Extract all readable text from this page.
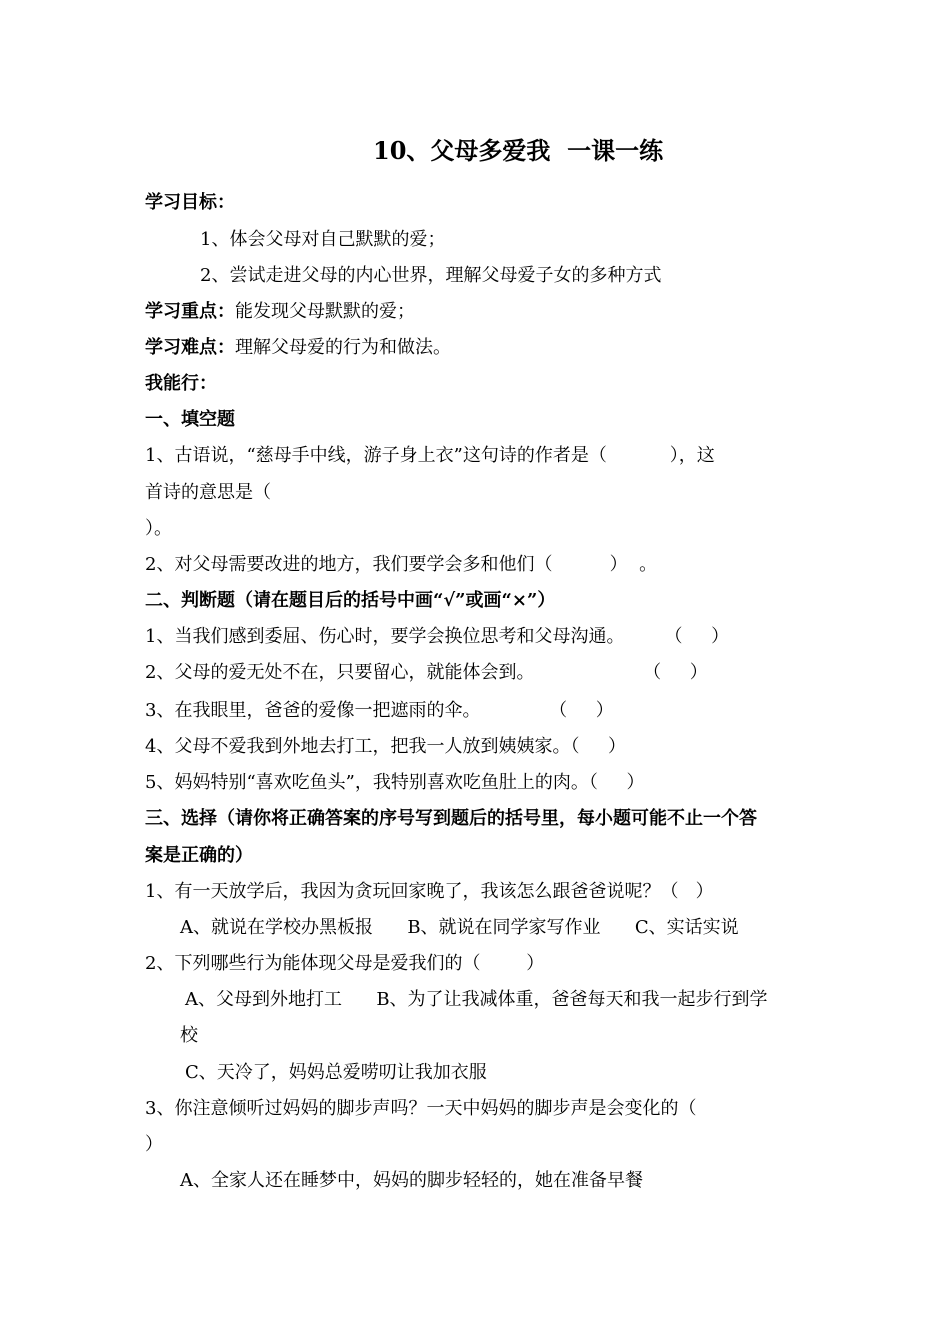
10、父母多爱我  一课一练
学习目标：
1、体会父母对自己默默的爱；
2、尝试走进父母的内心世界，理解父母爱子女的多种方式
学习重点：能发现父母默默的爱；
学习难点：理解父母爱的行为和做法。
我能行：
一、填空题
1、古语说，“慈母手中线，游子身上衣”这句诗的作者是（           ），这
首诗的意思是（
）。
2、对父母需要改进的地方，我们要学会多和他们（          ）  。
二、判断题（请在题目后的括号中画“√”或画“×”）
1、当我们感到委屈、伤心时，要学会换位思考和父母沟通。       （     ）
2、父母的爱无处不在，只要留心，就能体会到。                   （     ）
3、在我眼里，爸爸的爱像一把遮雨的伞。            （     ）
4、父母不爱我到外地去打工，把我一人放到姨姨家。（     ）
5、妈妈特别“喜欢吃鱼头”，我特别喜欢吃鱼肚上的肉。（     ）
三、选择（请你将正确答案的序号写到题后的括号里，每小题可能不止一个答
案是正确的）
1、有一天放学后，我因为贪玩回家晚了，我该怎么跟爸爸说呢？（   ）
A、就说在学校办黑板报      B、就说在同学家写作业      C、实话实说
2、下列哪些行为能体现父母是爱我们的（        ）
A、父母到外地打工      B、为了让我减体重，爸爸每天和我一起步行到学
校
C、天冷了，妈妈总爱唠叨让我加衣服
3、你注意倾听过妈妈的脚步声吗？一天中妈妈的脚步声是会变化的（
）
A、全家人还在睡梦中，妈妈的脚步轻轻的，她在准备早餐
